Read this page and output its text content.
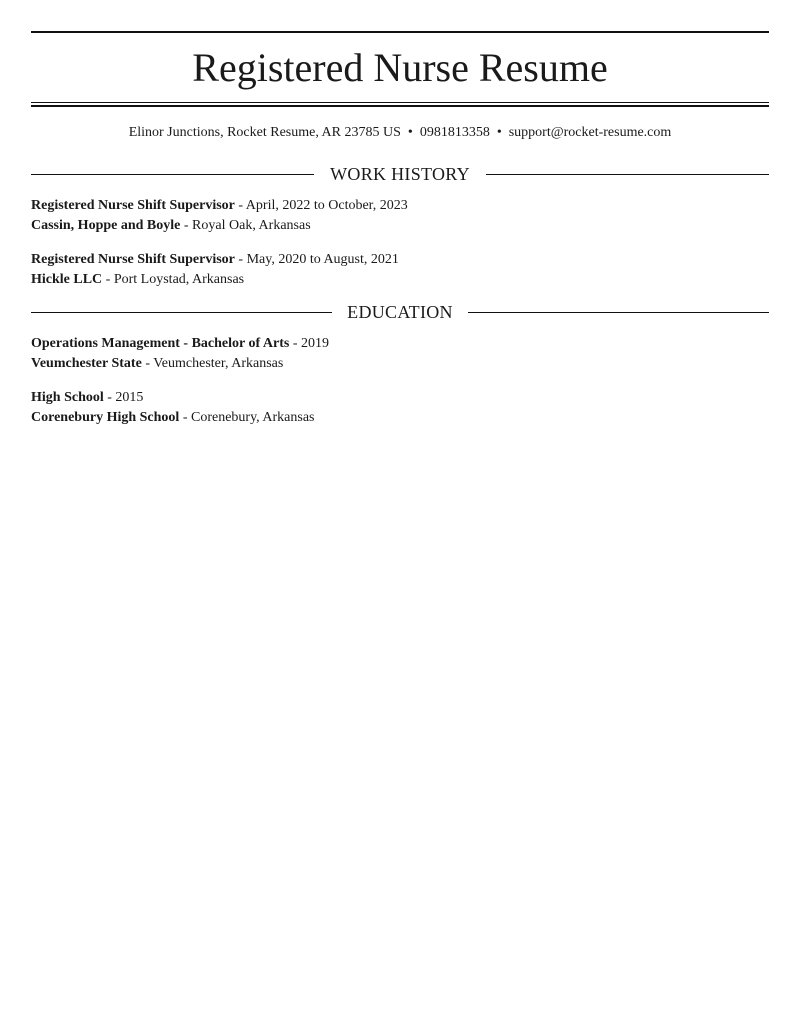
Registered Nurse Resume
Elinor Junctions, Rocket Resume, AR 23785 US • 0981813358 • support@rocket-resume.com
WORK HISTORY
Registered Nurse Shift Supervisor - April, 2022 to October, 2023
Cassin, Hoppe and Boyle - Royal Oak, Arkansas
Registered Nurse Shift Supervisor - May, 2020 to August, 2021
Hickle LLC - Port Loystad, Arkansas
EDUCATION
Operations Management - Bachelor of Arts - 2019
Veumchester State - Veumchester, Arkansas
High School - 2015
Corenebury High School - Corenebury, Arkansas
